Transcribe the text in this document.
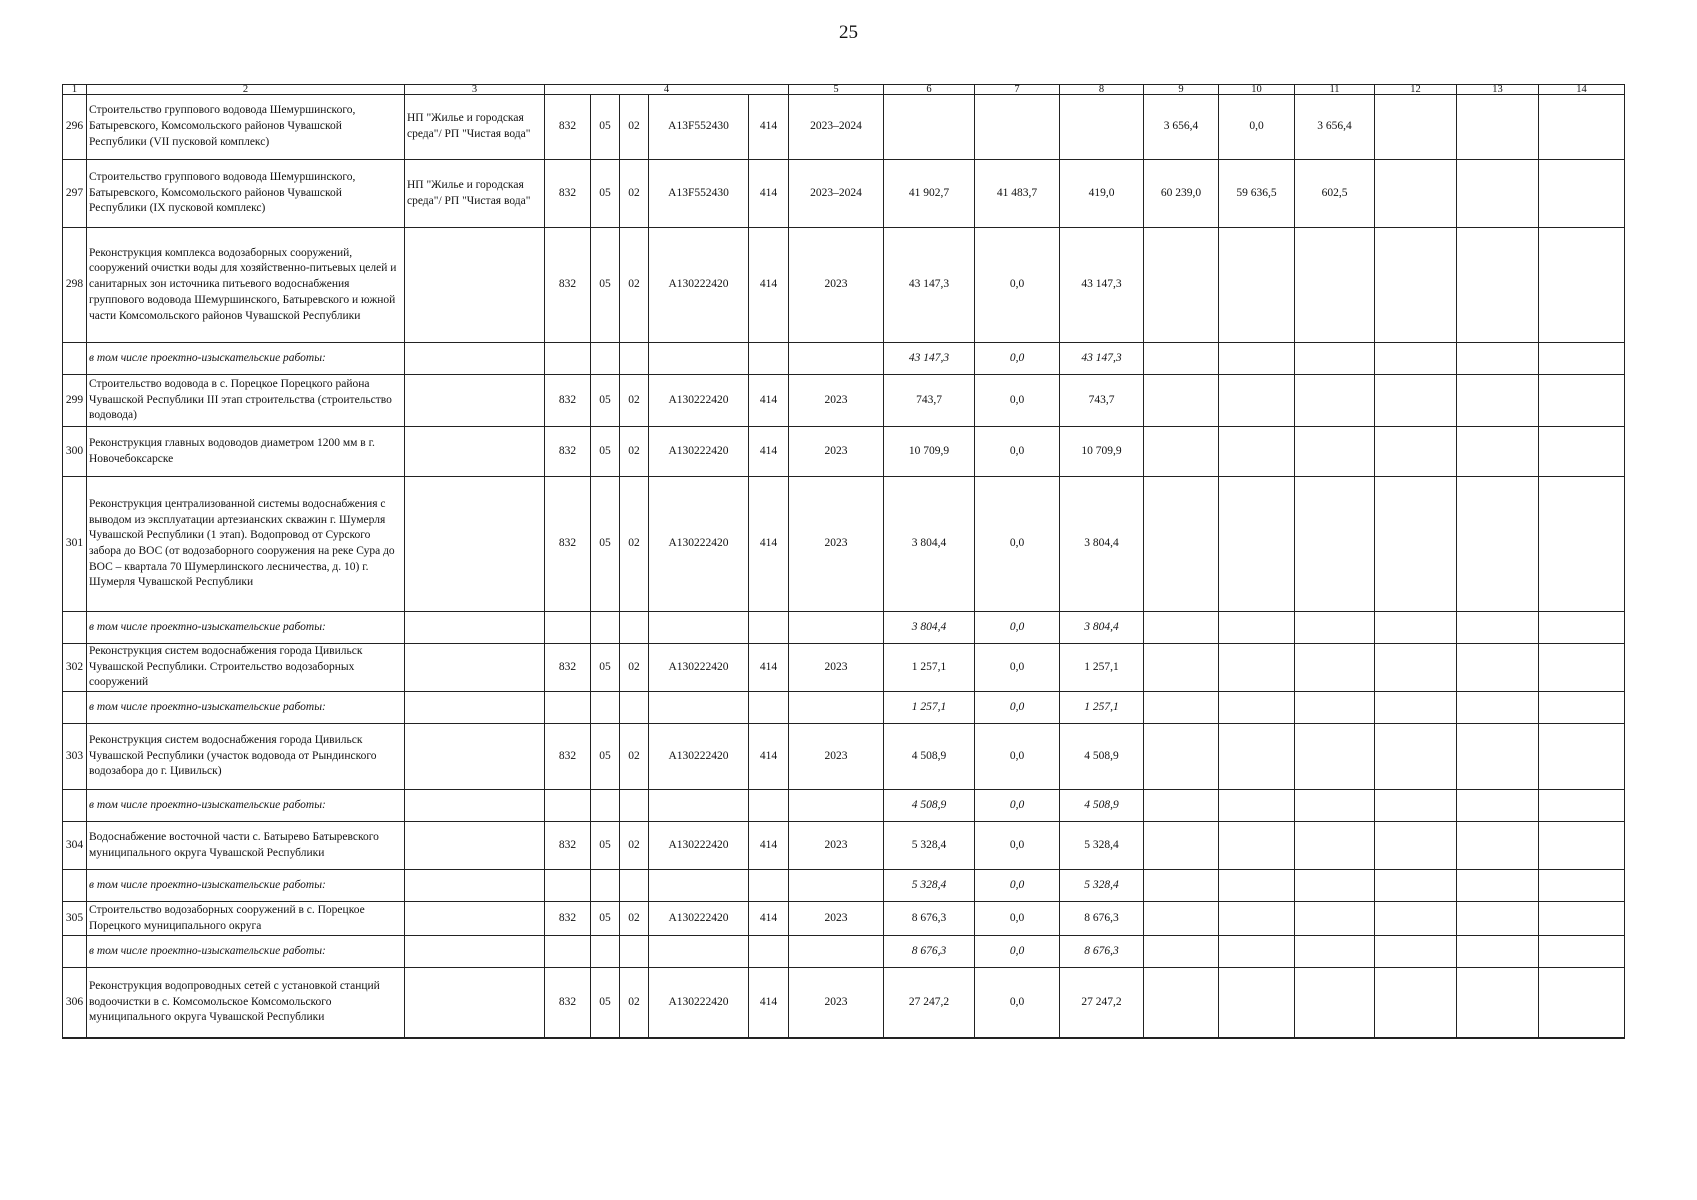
25
1	2	3	4					5	6	7	8	9	10	11	12	13	14
296	Строительство группового водовода Шемуршинского, Батыревского, Комсомольского районов Чувашской Республики (VII пусковой комплекс)	НП "Жилье и городская среда"/ РП "Чистая вода"	832	05	02	A13F552430	414	2023–2024				3 656,4	0,0	3 656,4			
297	Строительство группового водовода Шемуршинского, Батыревского, Комсомольского районов Чувашской Республики (IX пусковой комплекс)	НП "Жилье и городская среда"/ РП "Чистая вода"	832	05	02	A13F552430	414	2023–2024	41 902,7	41 483,7	419,0	60 239,0	59 636,5	602,5			
298	Реконструкция комплекса водозаборных сооружений, сооружений очистки воды для хозяйственно-питьевых целей и санитарных зон источника питьевого водоснабжения группового водовода Шемуршинского, Батыревского и южной части Комсомольского районов Чувашской Республики		832	05	02	A130222420	414	2023	43 147,3	0,0	43 147,3						
	в том числе проектно-изыскательские работы:								43 147,3	0,0	43 147,3						
299	Строительство водовода в с. Порецкое Порецкого района Чувашской Республики III этап строительства (строительство водовода)		832	05	02	A130222420	414	2023	743,7	0,0	743,7						
300	Реконструкция главных водоводов диаметром 1200 мм в г. Новочебоксарске		832	05	02	A130222420	414	2023	10 709,9	0,0	10 709,9						
301	Реконструкция централизованной системы водоснабжения с выводом из эксплуатации артезианских скважин г. Шумерля Чувашской Республики (1 этап). Водопровод от Сурского забора до ВОС (от водозаборного сооружения на реке Сура до ВОС – квартала 70 Шумерлинского лесничества, д. 10) г. Шумерля Чувашской Республики		832	05	02	A130222420	414	2023	3 804,4	0,0	3 804,4						
	в том числе проектно-изыскательские работы:								3 804,4	0,0	3 804,4						
302	Реконструкция систем водоснабжения города Цивильск Чувашской Республики. Строительство водозаборных сооружений		832	05	02	A130222420	414	2023	1 257,1	0,0	1 257,1						
	в том числе проектно-изыскательские работы:								1 257,1	0,0	1 257,1						
303	Реконструкция систем водоснабжения города Цивильск Чувашской Республики (участок водовода от Рындинского водозабора до г. Цивильск)		832	05	02	A130222420	414	2023	4 508,9	0,0	4 508,9						
	в том числе проектно-изыскательские работы:								4 508,9	0,0	4 508,9						
304	Водоснабжение восточной части с. Батырево Батыревского муниципального округа Чувашской Республики		832	05	02	A130222420	414	2023	5 328,4	0,0	5 328,4						
	в том числе проектно-изыскательские работы:								5 328,4	0,0	5 328,4						
305	Строительство водозаборных сооружений в с. Порецкое Порецкого муниципального округа		832	05	02	A130222420	414	2023	8 676,3	0,0	8 676,3						
	в том числе проектно-изыскательские работы:								8 676,3	0,0	8 676,3						
306	Реконструкция водопроводных сетей с установкой станций водоочистки в с. Комсомольское Комсомольского муниципального округа Чувашской Республики		832	05	02	A130222420	414	2023	27 247,2	0,0	27 247,2						
